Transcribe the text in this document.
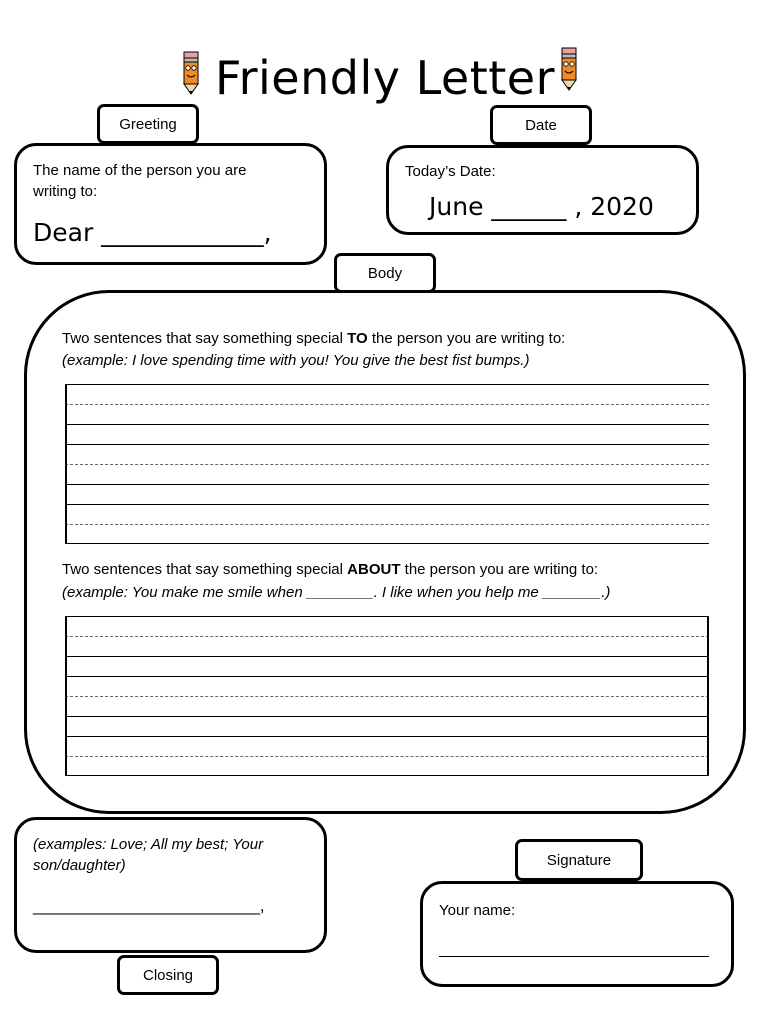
Friendly Letter
Greeting
The name of the person you are writing to:
Dear _____________,
Date
Today’s Date:
June ______ , 2020
Body
Two sentences that say something special TO the person you are writing to:
(example: I love spending time with you! You give the best fist bumps.)
Two sentences that say something special ABOUT the person you are writing to:
(example: You make me smile when ________. I like when you help me _______.)
(examples: Love; All my best; Your son/daughter)
________________________,
Closing
Signature
Your name:
